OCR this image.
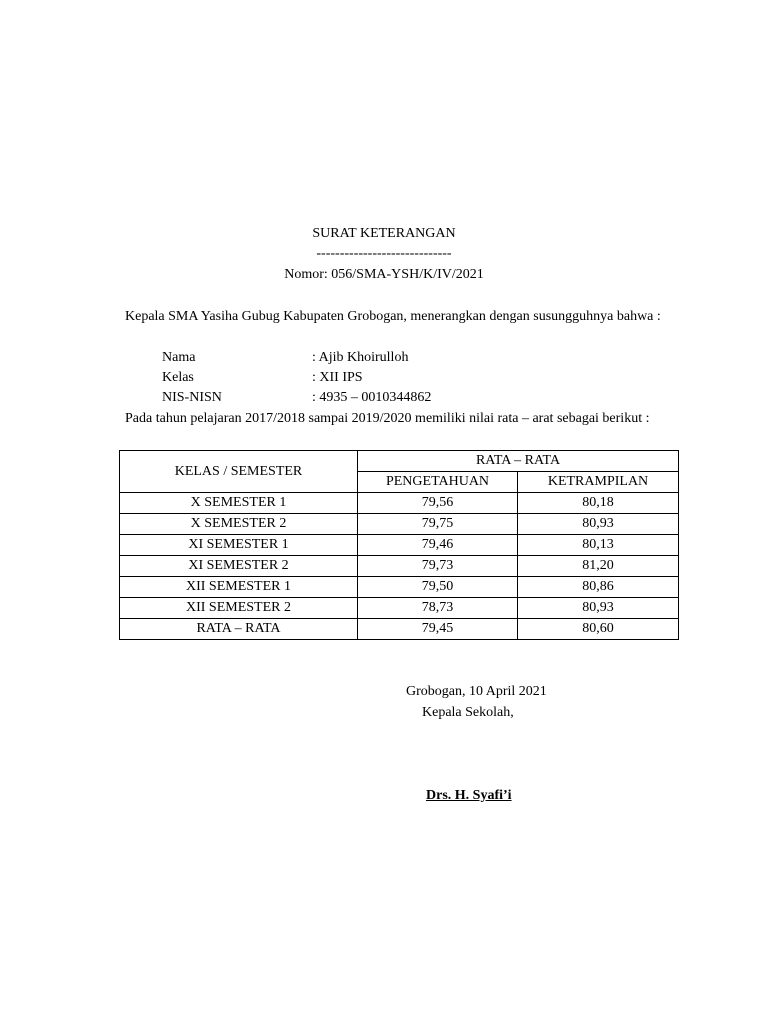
SURAT KETERANGAN
-----------------------------
Nomor: 056/SMA-YSH/K/IV/2021
Kepala SMA Yasiha Gubug Kabupaten Grobogan, menerangkan dengan susungguhnya bahwa :
Nama	: Ajib Khoirulloh
Kelas	: XII IPS
NIS-NISN	: 4935 – 0010344862
Pada tahun pelajaran 2017/2018 sampai 2019/2020 memiliki nilai rata – arat sebagai berikut :
KELAS / SEMESTER	RATA – RATA	
	PENGETAHUAN	KETRAMPILAN
X SEMESTER 1	79,56	80,18
X SEMESTER 2	79,75	80,93
XI SEMESTER 1	79,46	80,13
XI SEMESTER 2	79,73	81,20
XII SEMESTER 1	79,50	80,86
XII SEMESTER 2	78,73	80,93
RATA – RATA	79,45	80,60
Grobogan, 10 April 2021
Kepala Sekolah,
Drs. H. Syafi’i
